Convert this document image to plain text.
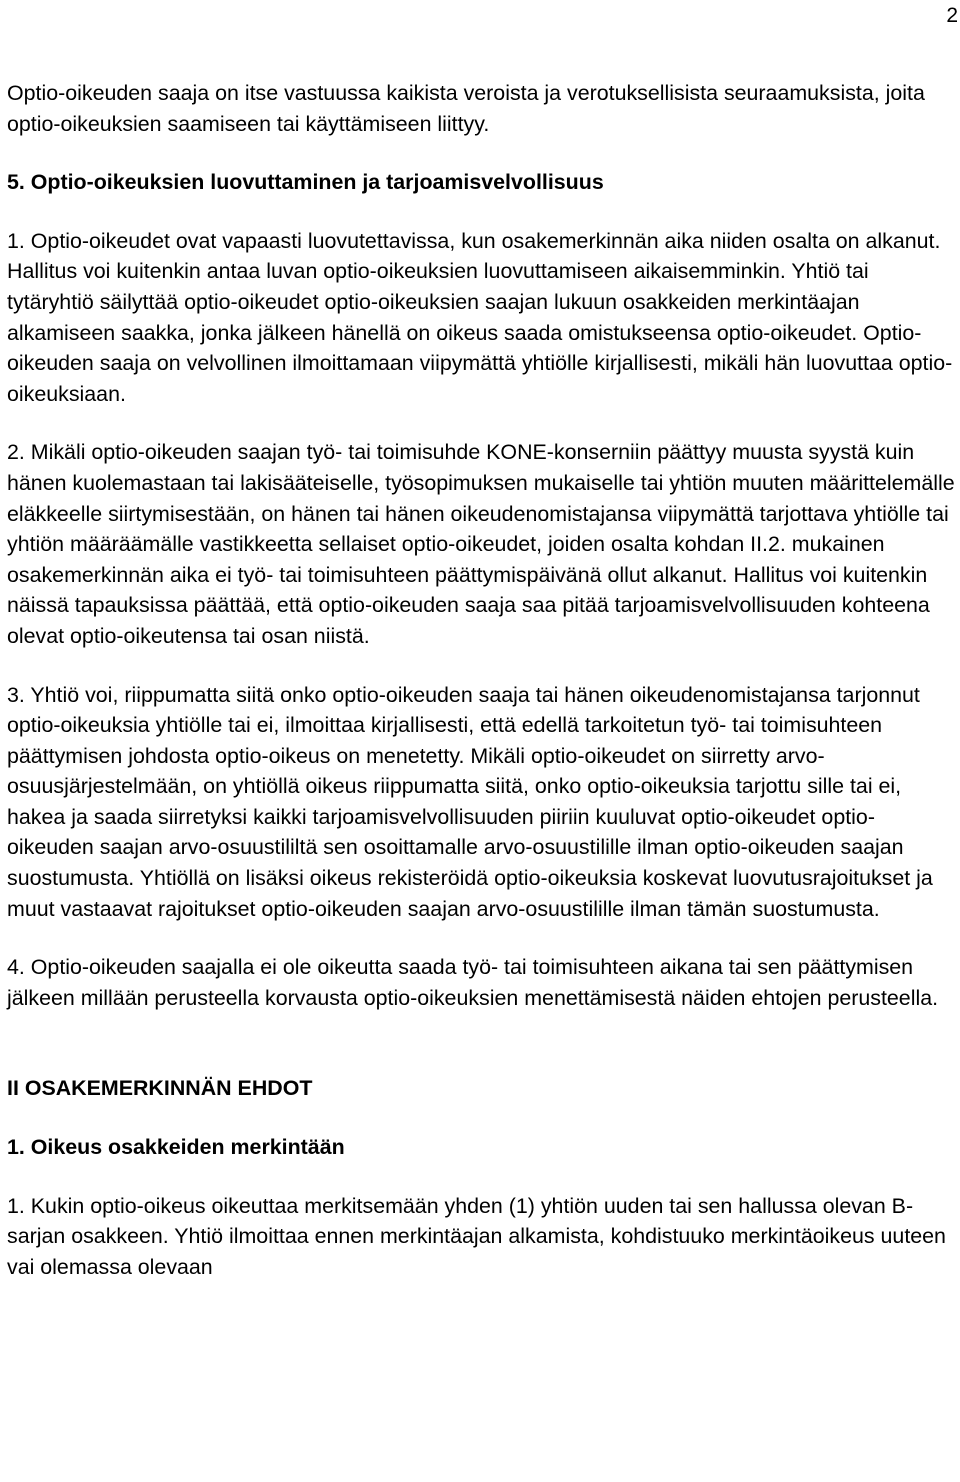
2

Optio-oikeuden saaja on itse vastuussa kaikista veroista ja verotuksellisista seuraamuksista, joita optio-oikeuksien saamiseen tai käyttämiseen liittyy.

5. Optio-oikeuksien luovuttaminen ja tarjoamisvelvollisuus

1. Optio-oikeudet ovat vapaasti luovutettavissa, kun osakemerkinnän aika niiden osalta on alkanut. Hallitus voi kuitenkin antaa luvan optio-oikeuksien luovuttamiseen aikaisemminkin. Yhtiö tai tytäryhtiö säilyttää optio-oikeudet optio-oikeuksien saajan lukuun osakkeiden merkintäajan alkamiseen saakka, jonka jälkeen hänellä on oikeus saada omistukseensa optio-oikeudet. Optio-oikeuden saaja on velvollinen ilmoittamaan viipymättä yhtiölle kirjallisesti, mikäli hän luovuttaa optio-oikeuksiaan.

2. Mikäli optio-oikeuden saajan työ- tai toimisuhde KONE-konserniin päättyy muusta syystä kuin hänen kuolemastaan tai lakisääteiselle, työsopimuksen mukaiselle tai yhtiön muuten määrittelemälle eläkkeelle siirtymisestään, on hänen tai hänen oikeudenomistajansa viipymättä tarjottava yhtiölle tai yhtiön määräämälle vastikkeetta sellaiset optio-oikeudet, joiden osalta kohdan II.2. mukainen osakemerkinnän aika ei työ- tai toimisuhteen päättymispäivänä ollut alkanut. Hallitus voi kuitenkin näissä tapauksissa päättää, että optio-oikeuden saaja saa pitää tarjoamisvelvollisuuden kohteena olevat optio-oikeutensa tai osan niistä.

3. Yhtiö voi, riippumatta siitä onko optio-oikeuden saaja tai hänen oikeudenomistajansa tarjonnut optio-oikeuksia yhtiölle tai ei, ilmoittaa kirjallisesti, että edellä tarkoitetun työ- tai toimisuhteen päättymisen johdosta optio-oikeus on menetetty. Mikäli optio-oikeudet on siirretty arvo-osuusjärjestelmään, on yhtiöllä oikeus riippumatta siitä, onko optio-oikeuksia tarjottu sille tai ei, hakea ja saada siirretyksi kaikki tarjoamisvelvollisuuden piiriin kuuluvat optio-oikeudet optio-oikeuden saajan arvo-osuustililtä sen osoittamalle arvo-osuustilille ilman optio-oikeuden saajan suostumusta. Yhtiöllä on lisäksi oikeus rekisteröidä optio-oikeuksia koskevat luovutusrajoitukset ja muut vastaavat rajoitukset optio-oikeuden saajan arvo-osuustilille ilman tämän suostumusta.

4. Optio-oikeuden saajalla ei ole oikeutta saada työ- tai toimisuhteen aikana tai sen päättymisen jälkeen millään perusteella korvausta optio-oikeuksien menettämisestä näiden ehtojen perusteella.

II OSAKEMERKINNÄN EHDOT

1. Oikeus osakkeiden merkintään

1. Kukin optio-oikeus oikeuttaa merkitsemään yhden (1) yhtiön uuden tai sen hallussa olevan B-sarjan osakkeen. Yhtiö ilmoittaa ennen merkintäajan alkamista, kohdistuuko merkintäoikeus uuteen vai olemassa olevaan
